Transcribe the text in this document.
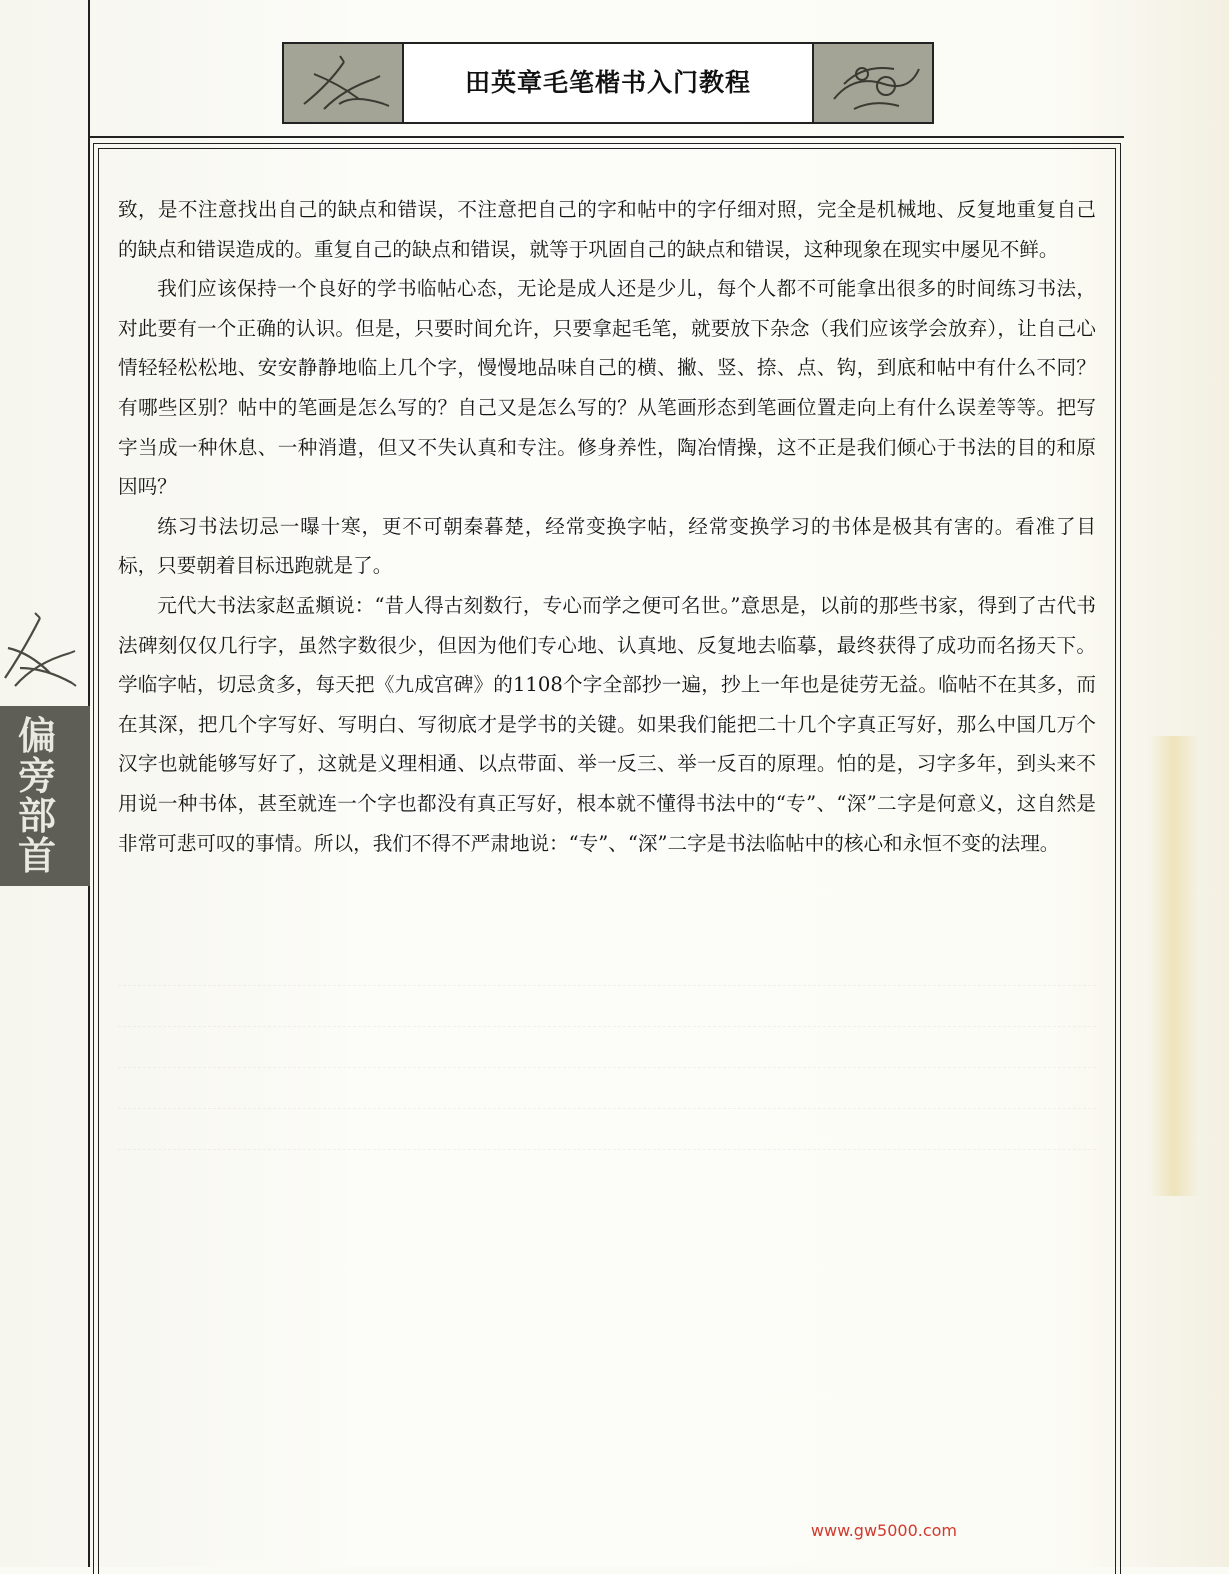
田英章毛笔楷书入门教程

致，是不注意找出自己的缺点和错误，不注意把自己的字和帖中的字仔细对照，完全是机械地、反复地重复自己的缺点和错误造成的。重复自己的缺点和错误，就等于巩固自己的缺点和错误，这种现象在现实中屡见不鲜。

我们应该保持一个良好的学书临帖心态，无论是成人还是少儿，每个人都不可能拿出很多的时间练习书法，对此要有一个正确的认识。但是，只要时间允许，只要拿起毛笔，就要放下杂念（我们应该学会放弃），让自己心情轻轻松松地、安安静静地临上几个字，慢慢地品味自己的横、撇、竖、捺、点、钩，到底和帖中有什么不同？有哪些区别？帖中的笔画是怎么写的？自己又是怎么写的？从笔画形态到笔画位置走向上有什么误差等等。把写字当成一种休息、一种消遣，但又不失认真和专注。修身养性，陶冶情操，这不正是我们倾心于书法的目的和原因吗？

练习书法切忌一曝十寒，更不可朝秦暮楚，经常变换字帖，经常变换学习的书体是极其有害的。看准了目标，只要朝着目标迅跑就是了。

元代大书法家赵孟頫说：“昔人得古刻数行，专心而学之便可名世。”意思是，以前的那些书家，得到了古代书法碑刻仅仅几行字，虽然字数很少，但因为他们专心地、认真地、反复地去临摹，最终获得了成功而名扬天下。学临字帖，切忌贪多，每天把《九成宫碑》的1108个字全部抄一遍，抄上一年也是徒劳无益。临帖不在其多，而在其深，把几个字写好、写明白、写彻底才是学书的关键。如果我们能把二十几个字真正写好，那么中国几万个汉字也就能够写好了，这就是义理相通、以点带面、举一反三、举一反百的原理。怕的是，习字多年，到头来不用说一种书体，甚至就连一个字也都没有真正写好，根本就不懂得书法中的“专”、“深”二字是何意义，这自然是非常可悲可叹的事情。所以，我们不得不严肃地说：“专”、“深”二字是书法临帖中的核心和永恒不变的法理。

偏旁部首
www.gw5000.com
